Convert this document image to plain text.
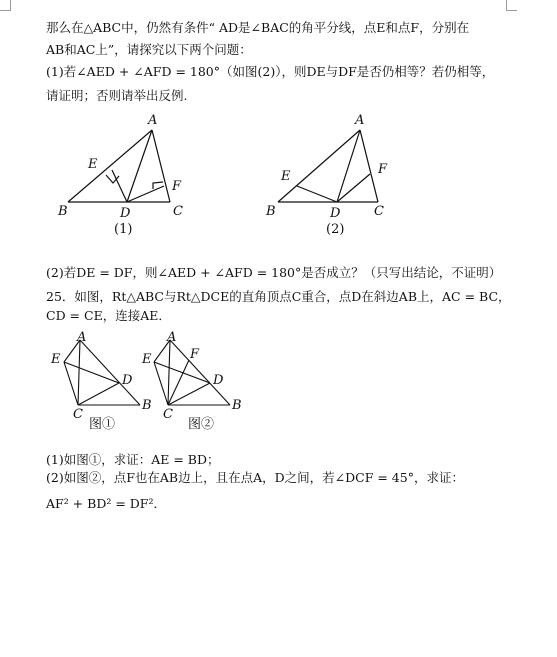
那么在△ABC中，仍然有条件“ AD是∠BAC的角平分线，点E和点F，分别在
AB和AC上”，请探究以下两个问题：
(1)若∠AED + ∠AFD = 180°（如图(2)），则DE与DF是否仍相等？若仍相等，
请证明；否则请举出反例.
A
E
F
B	D	C
(1)
A
E	F
B	D	C
(2)
(2)若DE = DF，则∠AED + ∠AFD = 180°是否成立？（只写出结论，不证明）
25．如图，Rt△ABC与Rt△DCE的直角顶点C重合，点D在斜边AB上，AC = BC，
CD = CE，连接AE．
A
E
D
C
B
图①
A
E	F
D
C
B
图②
(1)如图①，求证：AE = BD；
(2)如图②，点F也在AB边上，且在点A，D之间，若∠DCF = 45°，求证：
AF² + BD² = DF²．
